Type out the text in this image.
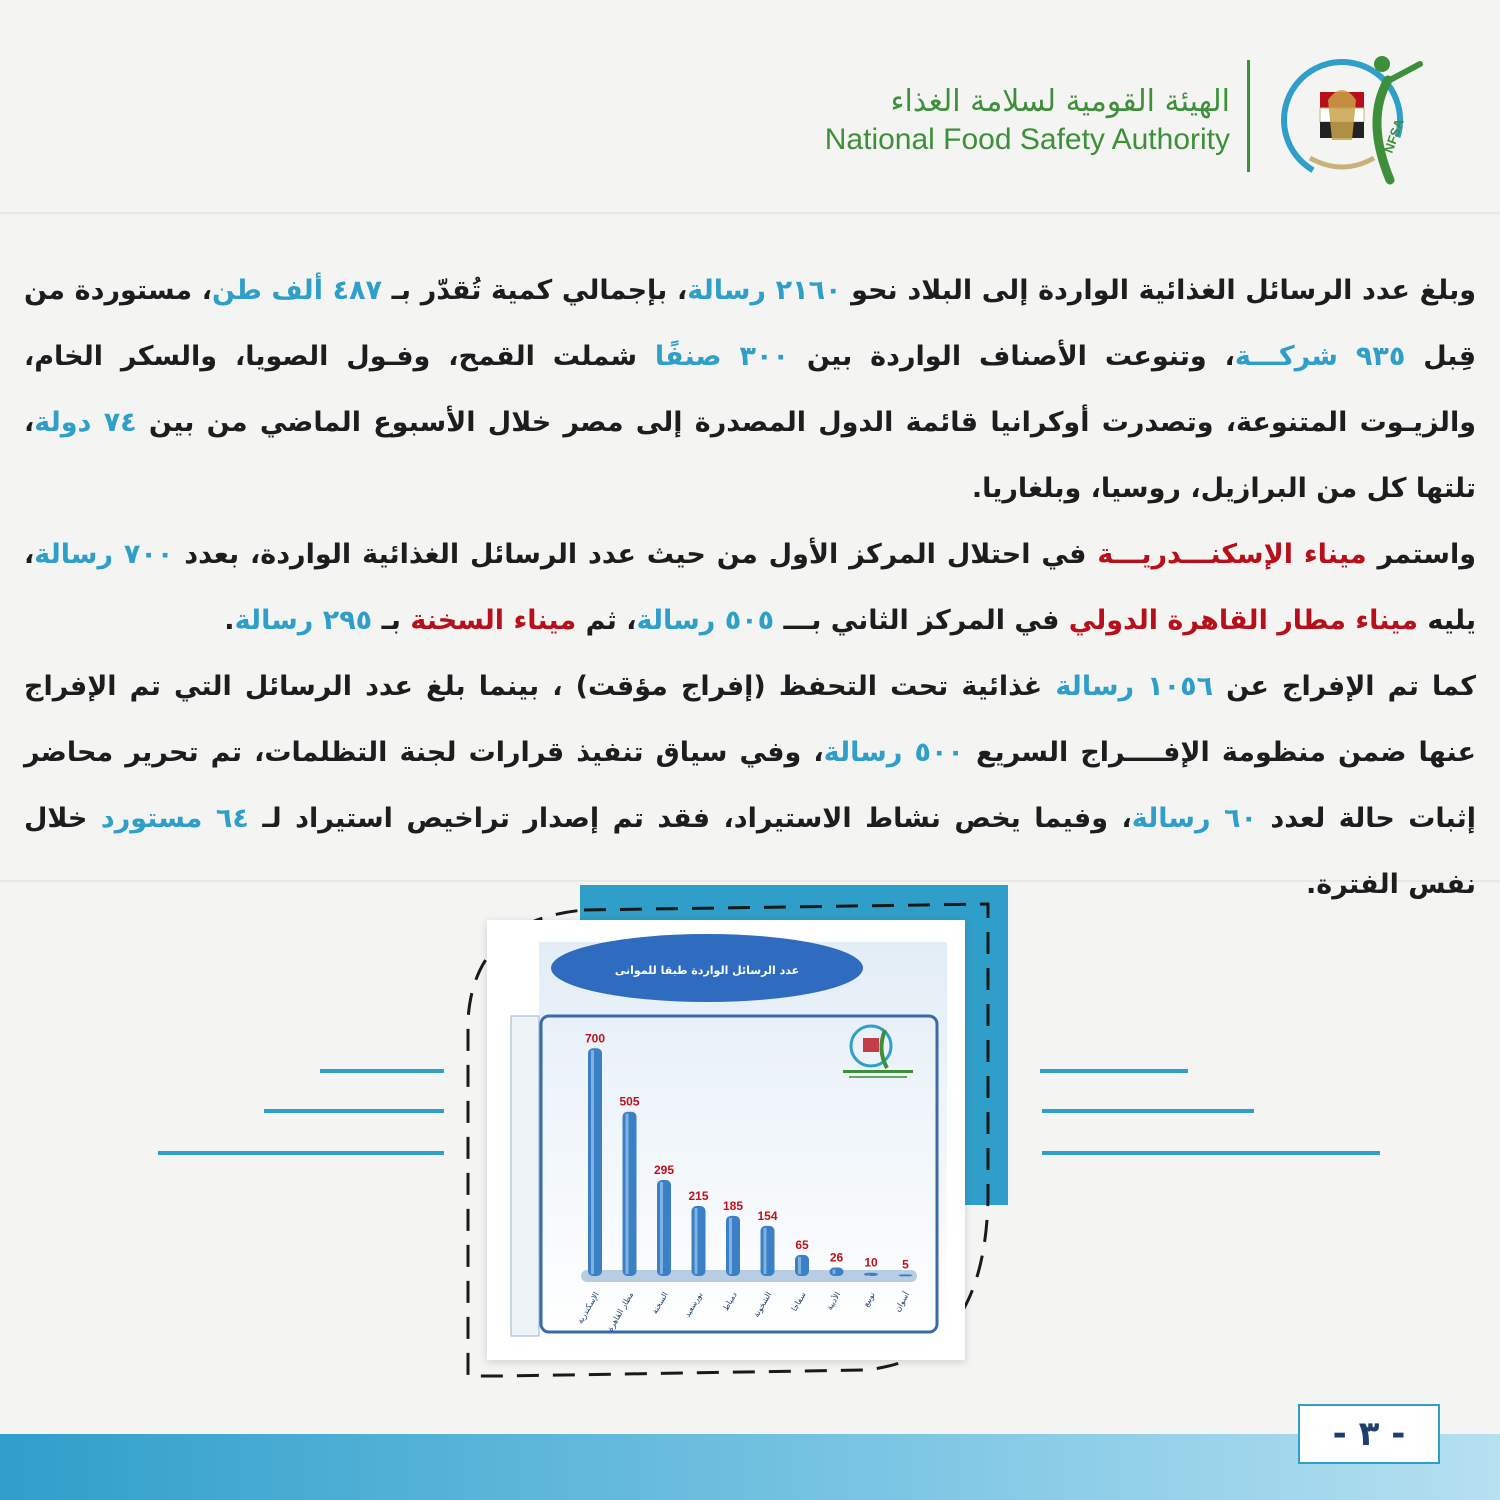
NFSA
الهيئة القومية لسلامة الغذاء
National Food Safety Authority

وبلغ عدد الرسائل الغذائية الواردة إلى البلاد نحو ٢١٦٠ رسالة، بإجمالي كمية تُقدّر بـ ٤٨٧ ألف طن، مستوردة من قِبل ٩٣٥ شركـــة، وتنوعت الأصناف الواردة بين ٣٠٠ صنفًا شملت القمح، وفـول الصويا، والسكر الخام، والزيـوت المتنوعة، وتصدرت أوكرانيا قائمة الدول المصدرة إلى مصر خلال الأسبوع الماضي من بين ٧٤ دولة، تلتها كل من البرازيل، روسيا، وبلغاريا.

واستمر ميناء الإسكنـــدريـــة في احتلال المركز الأول من حيث عدد الرسائل الغذائية الواردة، بعدد ٧٠٠ رسالة، يليه ميناء مطار القاهرة الدولي في المركز الثاني بـــ ٥٠٥ رسالة، ثم ميناء السخنة بـ ٢٩٥ رسالة.

كما تم الإفراج عن ١٠٥٦ رسالة غذائية تحت التحفظ (إفراج مؤقت) ، بينما بلغ عدد الرسائل التي تم الإفراج عنها ضمن منظومة الإفــــراج السريع ٥٠٠ رسالة، وفي سياق تنفيذ قرارات لجنة التظلمات، تم تحرير محاضر إثبات حالة لعدد ٦٠ رسالة، وفيما يخص نشاط الاستيراد، فقد تم إصدار تراخيص استيراد لـ ٦٤ مستورد خلال نفس الفترة.

عدد الرسائل الواردة طبقا للموانى
700
الإسكندرية
505
مطار القاهرة
295
السخنة
215
بورسعيد
185
دمياط
154
الشخونة
65
سفاجا
26
الأدبية
10
نويبع
5
أسوان
- ٣ -
